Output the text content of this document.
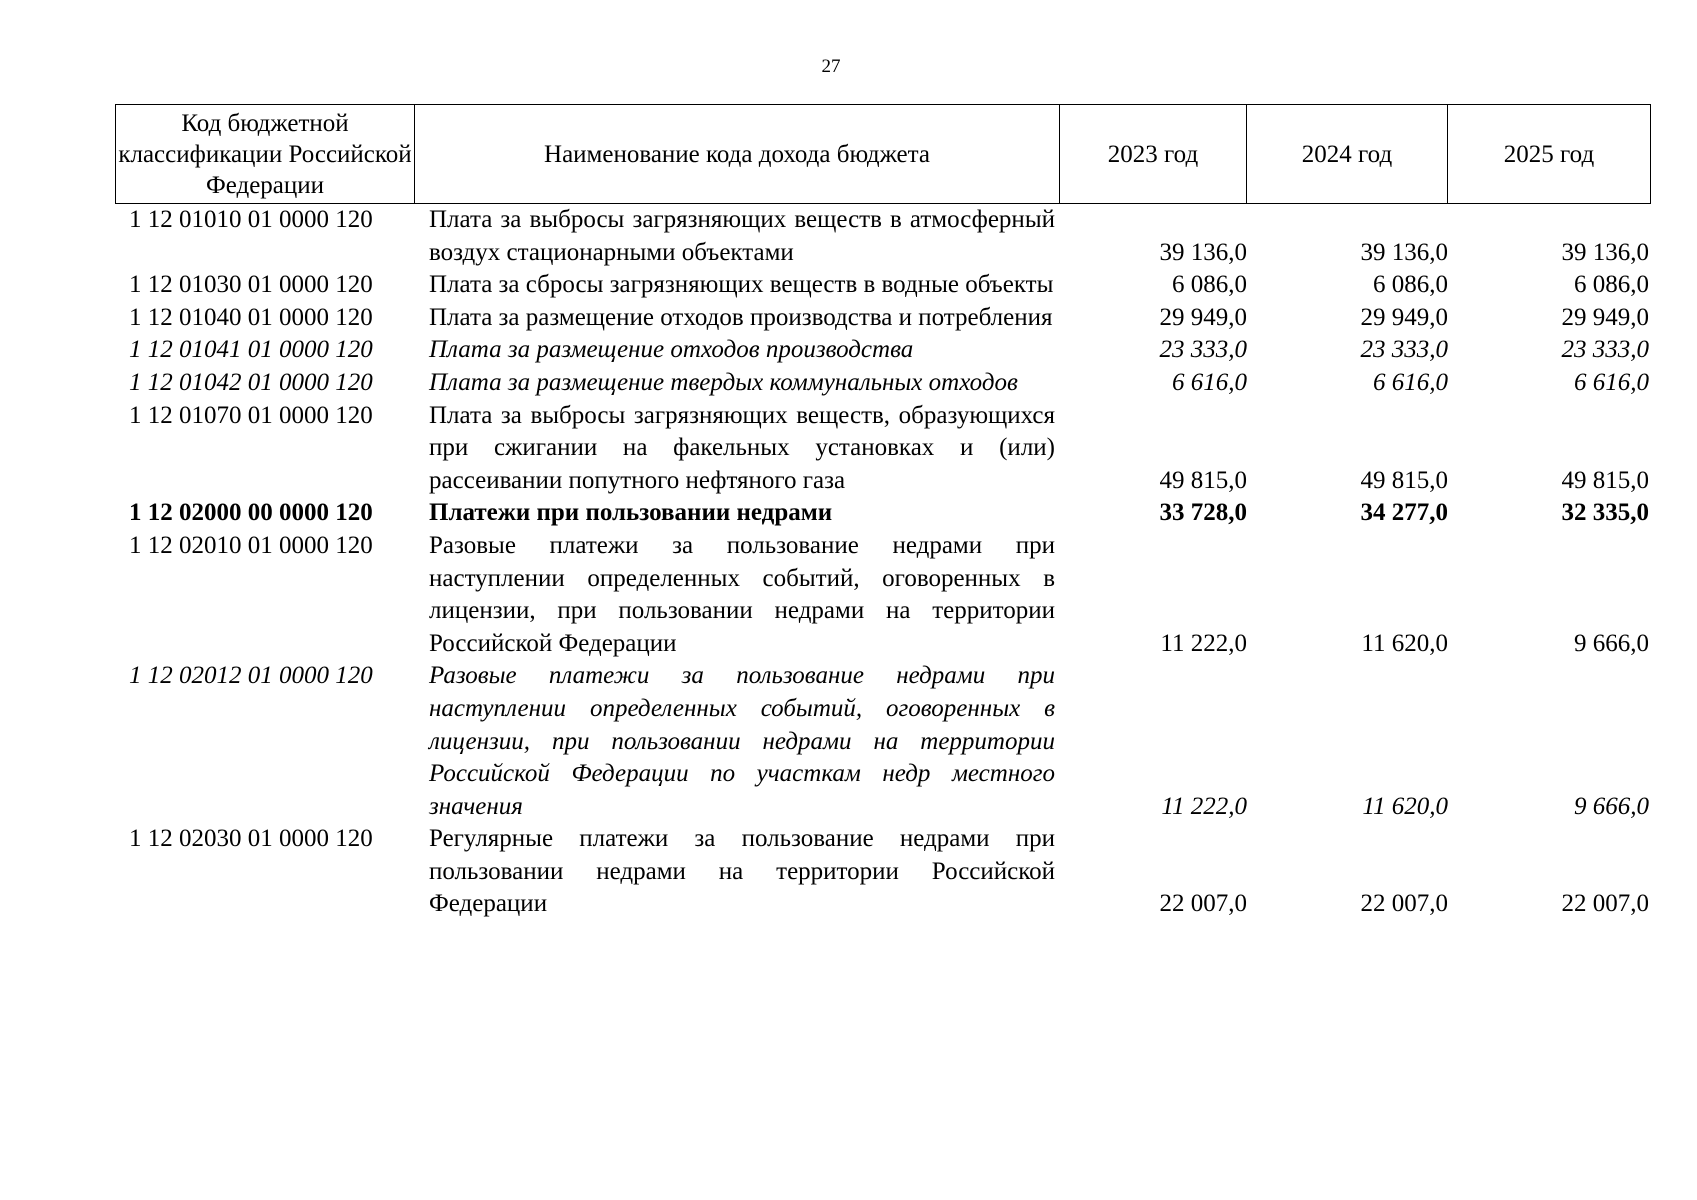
27
Код бюджетной классификации Российской Федерации	Наименование кода дохода бюджета	2023 год	2024 год	2025 год
1 12 01010 01 0000 120	Плата за выбросы загрязняющих веществ в атмосферный воздух стационарными объектами	39 136,0	39 136,0	39 136,0
1 12 01030 01 0000 120	Плата за сбросы загрязняющих веществ в водные объекты	6 086,0	6 086,0	6 086,0
1 12 01040 01 0000 120	Плата за размещение отходов производства и потребления	29 949,0	29 949,0	29 949,0
1 12 01041 01 0000 120	Плата за размещение отходов производства	23 333,0	23 333,0	23 333,0
1 12 01042 01 0000 120	Плата за размещение твердых коммунальных отходов	6 616,0	6 616,0	6 616,0
1 12 01070 01 0000 120	Плата за выбросы загрязняющих веществ, образующихся при сжигании на факельных установках и (или) рассеивании попутного нефтяного газа	49 815,0	49 815,0	49 815,0
1 12 02000 00 0000 120	Платежи при пользовании недрами	33 728,0	34 277,0	32 335,0
1 12 02010 01 0000 120	Разовые платежи за пользование недрами при наступлении определенных событий, оговоренных в лицензии, при пользовании недрами на территории Российской Федерации	11 222,0	11 620,0	9 666,0
1 12 02012 01 0000 120	Разовые платежи за пользование недрами при наступлении определенных событий, оговоренных в лицензии, при пользовании недрами на территории Российской Федерации по участкам недр местного значения	11 222,0	11 620,0	9 666,0
1 12 02030 01 0000 120	Регулярные платежи за пользование недрами при пользовании недрами на территории Российской Федерации	22 007,0	22 007,0	22 007,0
